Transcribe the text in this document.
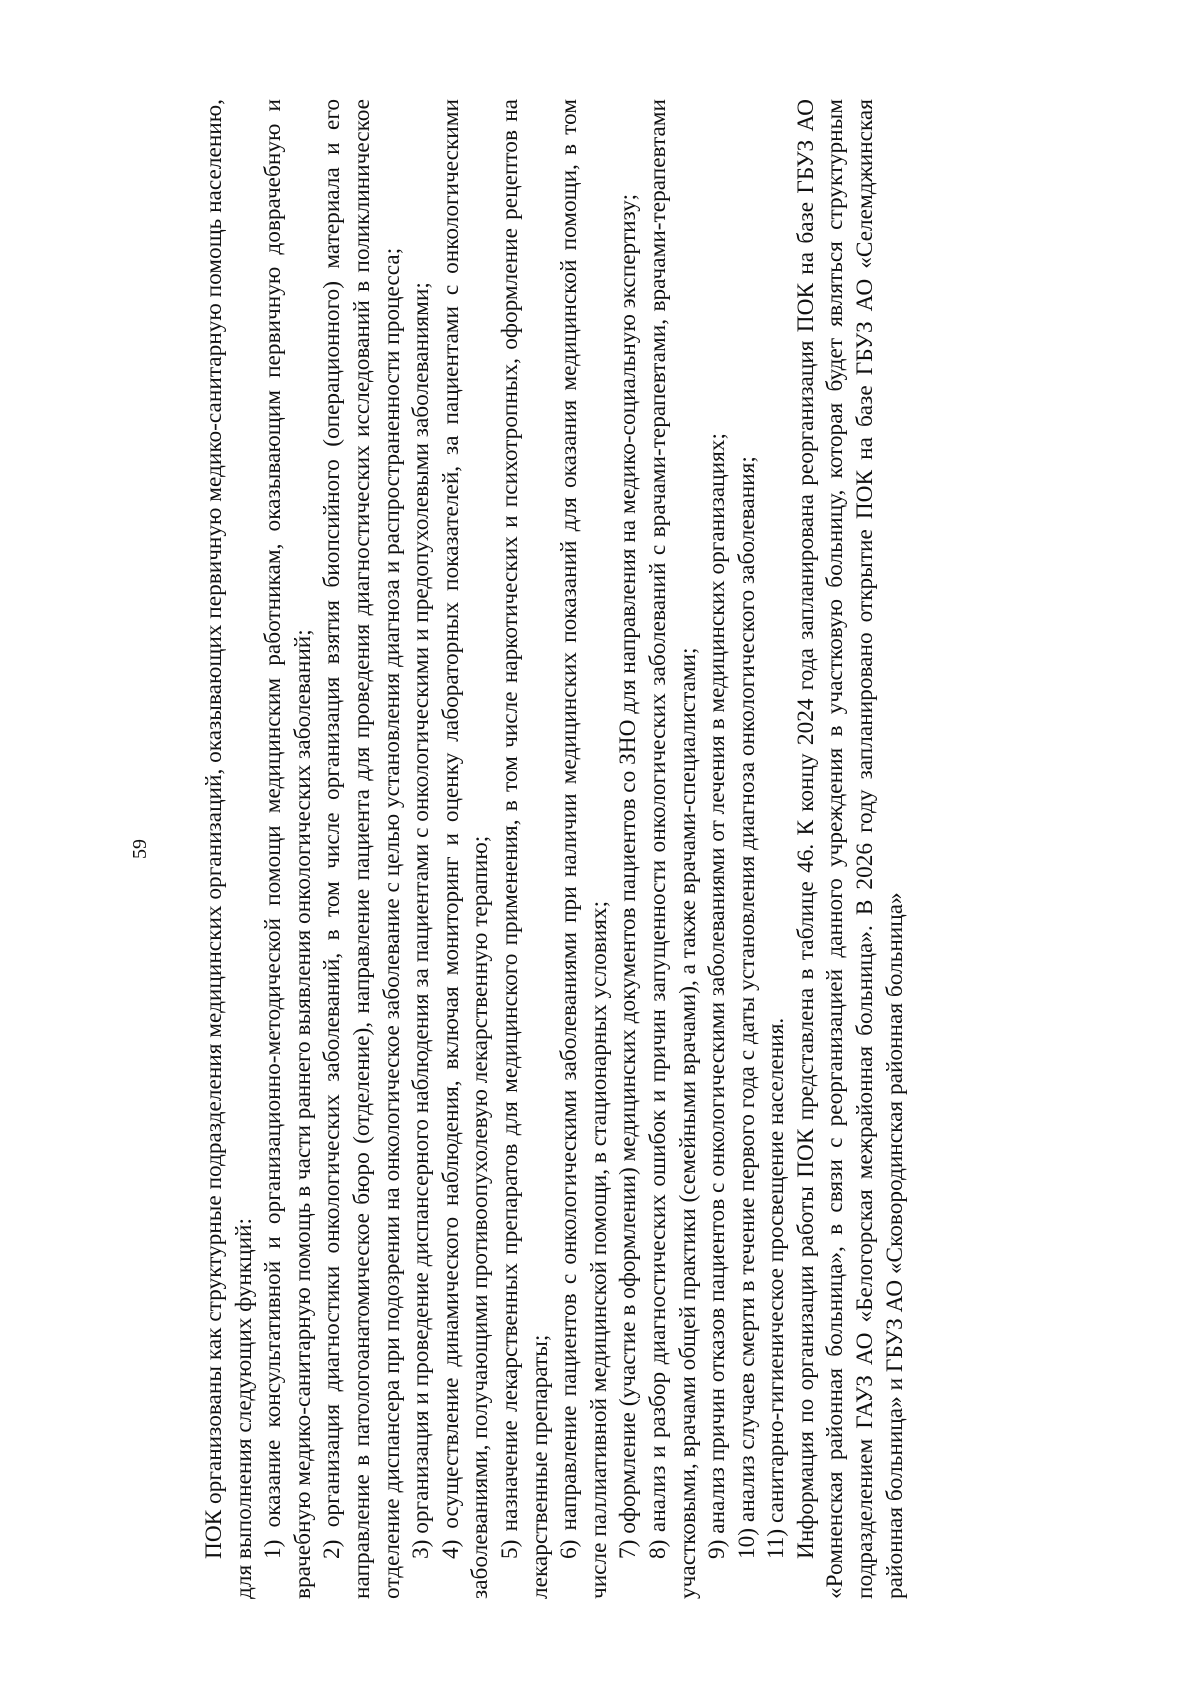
59 ПОК организованы как структурные подразделения медицинских организаций, оказывающих первичную медико-санитарную помощь населению, для выполнения следующих функций: 1) оказание консультативной и организационно-методической помощи медицинским работникам, оказывающим первичную доврачебную и врачебную медико-санитарную помощь в части раннего выявления онкологических заболеваний; 2) организация диагностики онкологических заболеваний, в том числе организация взятия биопсийного (операционного) материала и его направление в патологоанатомическое бюро (отделение), направление пациента для проведения диагностических исследований в поликлиническое отделение диспансера при подозрении на онкологическое заболевание с целью установления диагноза и распространенности процесса; 3) организация и проведение диспансерного наблюдения за пациентами с онкологическими и предопухолевыми заболеваниями; 4) осуществление динамического наблюдения, включая мониторинг и оценку лабораторных показателей, за пациентами с онкологическими заболеваниями, получающими противоопухолевую лекарственную терапию; 5) назначение лекарственных препаратов для медицинского применения, в том числе наркотических и психотропных, оформление рецептов на лекарственные препараты; 6) направление пациентов с онкологическими заболеваниями при наличии медицинских показаний для оказания медицинской помощи, в том числе паллиативной медицинской помощи, в стационарных условиях; 7) оформление (участие в оформлении) медицинских документов пациентов со ЗНО для направления на медико-социальную экспертизу; 8) анализ и разбор диагностических ошибок и причин запущенности онкологических заболеваний с врачами-терапевтами, врачами-терапевтами участковыми, врачами общей практики (семейными врачами), а также врачами-специалистами; 9) анализ причин отказов пациентов с онкологическими заболеваниями от лечения в медицинских организациях; 10) анализ случаев смерти в течение первого года с даты установления диагноза онкологического заболевания; 11) санитарно-гигиеническое просвещение населения. Информация по организации работы ПОК представлена в таблице 46. К концу 2024 года запланирована реорганизация ПОК на базе ГБУЗ АО «Ромненская районная больница», в связи с реорганизацией данного учреждения в участковую больницу, которая будет являться структурным подразделением ГАУЗ АО «Белогорская межрайонная больница». В 2026 году запланировано открытие ПОК на базе ГБУЗ АО «Селемджинская районная больница» и ГБУЗ АО «Сковородинская районная больница»
